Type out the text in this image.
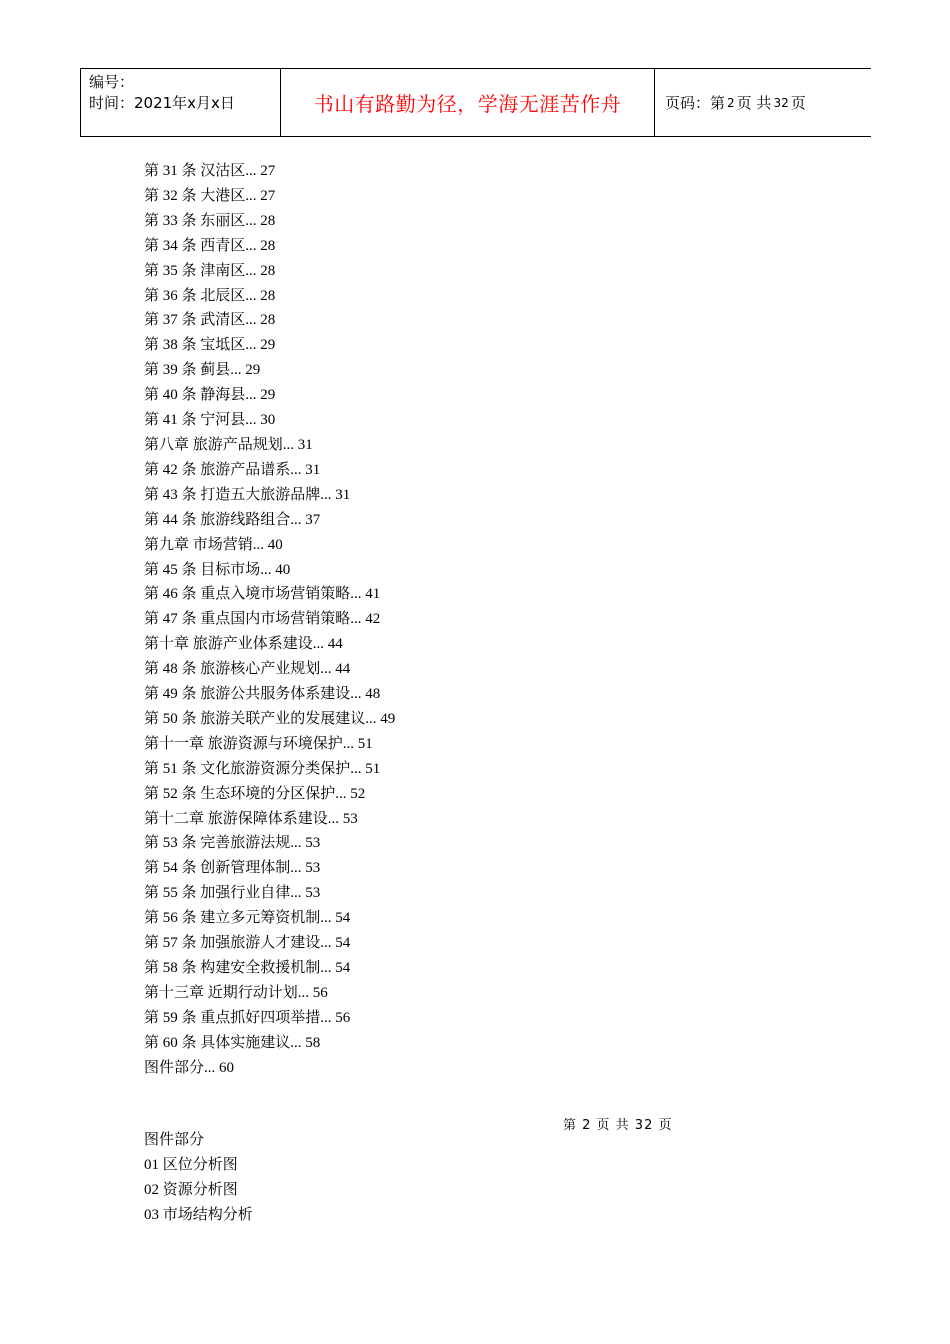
编号：
时间：2021年x月x日	书山有路勤为径，学海无涯苦作舟	页码：第 2 页 共 32 页
第 31 条 汉沽区... 27
第 32 条 大港区... 27
第 33 条 东丽区... 28
第 34 条 西青区... 28
第 35 条 津南区... 28
第 36 条 北辰区... 28
第 37 条 武清区... 28
第 38 条 宝坻区... 29
第 39 条 蓟县... 29
第 40 条 静海县... 29
第 41 条 宁河县... 30
第八章 旅游产品规划... 31
第 42 条 旅游产品谱系... 31
第 43 条 打造五大旅游品牌... 31
第 44 条 旅游线路组合... 37
第九章 市场营销... 40
第 45 条 目标市场... 40
第 46 条 重点入境市场营销策略... 41
第 47 条 重点国内市场营销策略... 42
第十章 旅游产业体系建设... 44
第 48 条 旅游核心产业规划... 44
第 49 条 旅游公共服务体系建设... 48
第 50 条 旅游关联产业的发展建议... 49
第十一章 旅游资源与环境保护... 51
第 51 条 文化旅游资源分类保护... 51
第 52 条 生态环境的分区保护... 52
第十二章 旅游保障体系建设... 53
第 53 条 完善旅游法规... 53
第 54 条 创新管理体制... 53
第 55 条 加强行业自律... 53
第 56 条 建立多元筹资机制... 54
第 57 条 加强旅游人才建设... 54
第 58 条 构建安全救援机制... 54
第十三章 近期行动计划... 56
第 59 条 重点抓好四项举措... 56
第 60 条 具体实施建议... 58
图件部分... 60
第 2 页 共 32 页
图件部分
01 区位分析图
02 资源分析图
03 市场结构分析
